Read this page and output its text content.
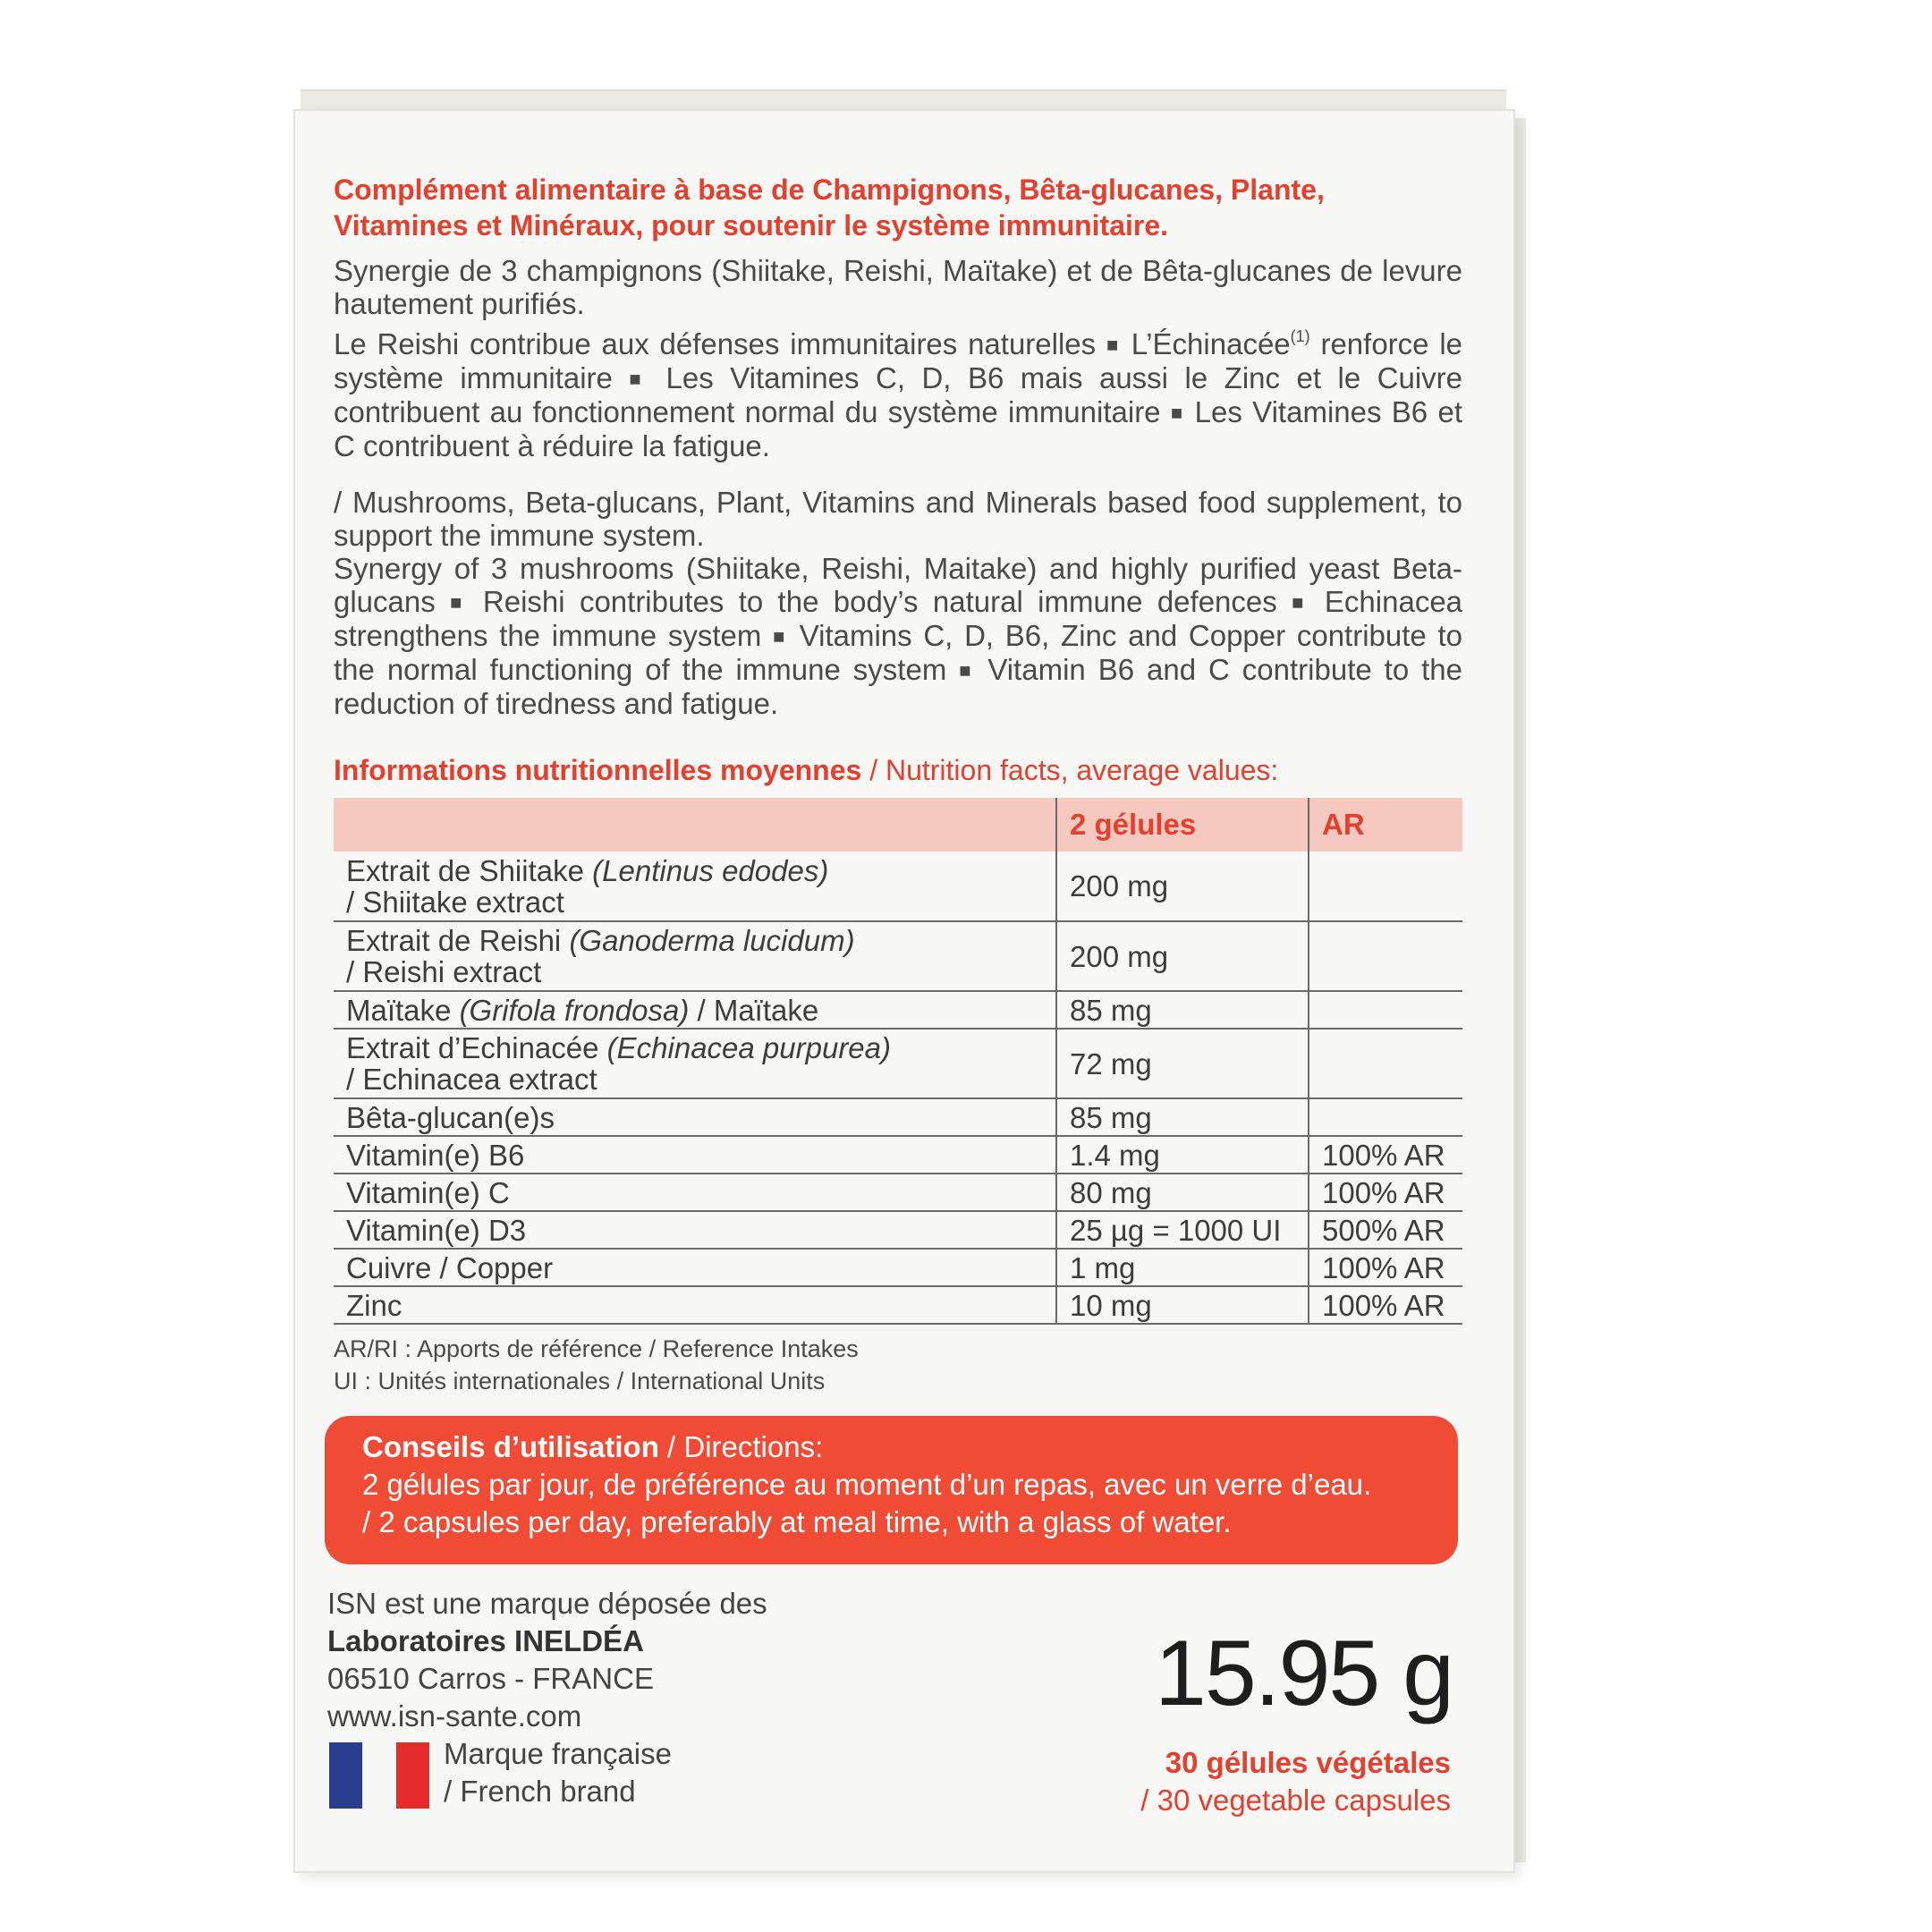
Complément alimentaire à base de Champignons, Bêta-glucanes, Plante,
Vitamines et Minéraux, pour soutenir le système immunitaire.

Synergie de 3 champignons (Shiitake, Reishi, Maïtake) et de Bêta-glucanes de levure hautement purifiés.
Le Reishi contribue aux défenses immunitaires naturelles ■ L’Échinacée$^{(1)}$ renforce le système immunitaire ■ Les Vitamines C, D, B6 mais aussi le Zinc et le Cuivre contribuent au fonctionnement normal du système immunitaire ■ Les Vitamines B6 et C contribuent à réduire la fatigue.

/ Mushrooms, Beta-glucans, Plant, Vitamins and Minerals based food supplement, to support the immune system.
Synergy of 3 mushrooms (Shiitake, Reishi, Maitake) and highly purified yeast Beta-glucans ■ Reishi contributes to the body’s natural immune defences ■ Echinacea strengthens the immune system ■ Vitamins C, D, B6, Zinc and Copper contribute to the normal functioning of the immune system ■ Vitamin B6 and C contribute to the reduction of tiredness and fatigue.

Informations nutritionnelles moyennes / Nutrition facts, average values:
	2 gélules	AR
Extrait de Shiitake (Lentinus edodes)
/ Shiitake extract	200 mg	
Extrait de Reishi (Ganoderma lucidum)
/ Reishi extract	200 mg	
Maïtake (Grifola frondosa) / Maïtake	85 mg	
Extrait d’Echinacée (Echinacea purpurea)
/ Echinacea extract	72 mg	
Bêta-glucan(e)s	85 mg	
Vitamin(e) B6	1.4 mg	100% AR
Vitamin(e) C	80 mg	100% AR
Vitamin(e) D3	25 µg = 1000 UI	500% AR
Cuivre / Copper	1 mg	100% AR
Zinc	10 mg	100% AR
AR/RI : Apports de référence / Reference Intakes
UI : Unités internationales / International Units
Conseils d’utilisation / Directions:
2 gélules par jour, de préférence au moment d’un repas, avec un verre d’eau.
/ 2 capsules per day, preferably at meal time, with a glass of water.
ISN est une marque déposée des
Laboratoires INELDÉA
06510 Carros - FRANCE
www.isn-sante.com
Marque française
/ French brand
15.95 g
30 gélules végétales
/ 30 vegetable capsules
